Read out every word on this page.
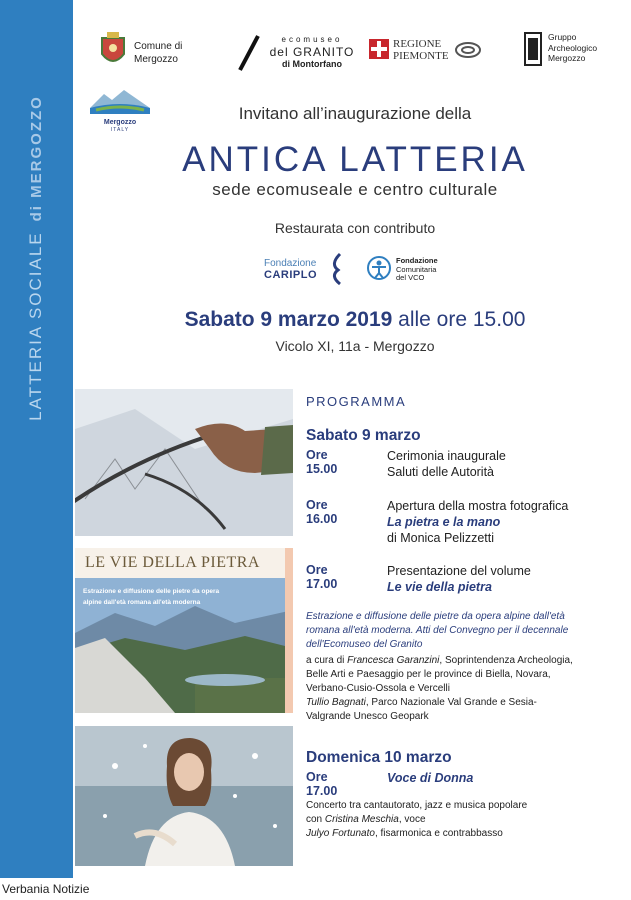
LATTERIA SOCIALEdi MERGOZZO
Comune di
Mergozzo
ecomuseo
del GRANITO
di Montorfano
REGIONE
PIEMONTE
Gruppo
Archeologico
Mergozzo
Mergozzo
ITALY
Invitano all’inaugurazione della
ANTICA LATTERIA
sede ecomuseale e centro culturale
Restaurata con contributo
Fondazione
CARIPLO
Fondazione
Comunitaria
del VCO
Sabato 9 marzo 2019 alle ore 15.00
Vicolo XI, 11a - Mergozzo
LE VIE DELLA PIETRA
Estrazione e diffusione delle pietre da opera
alpine dall'età romana all'età moderna
PROGRAMMA
Sabato 9 marzo
Ore 15.00
Cerimonia inaugurale
Saluti delle Autorità
Ore 16.00
Apertura della mostra fotografica
La pietra e la mano
di Monica Pelizzetti
Ore 17.00
Presentazione del volume
Le vie della pietra
Estrazione e diffusione delle pietre da opera alpine dall'età
romana all'età moderna. Atti del Convegno per il decennale
dell'Ecomuseo del Granito
a cura di Francesca Garanzini, Soprintendenza Archeologia,
Belle Arti e Paesaggio per le province di Biella, Novara,
Verbano-Cusio-Ossola e Vercelli
Tullio Bagnati, Parco Nazionale Val Grande e Sesia-
Valgrande Unesco Geopark
Domenica 10 marzo
Ore 17.00
Voce di Donna
Concerto tra cantautorato, jazz e musica popolare
con Cristina Meschia, voce
Julyo Fortunato, fisarmonica e contrabbasso
Verbania Notizie
